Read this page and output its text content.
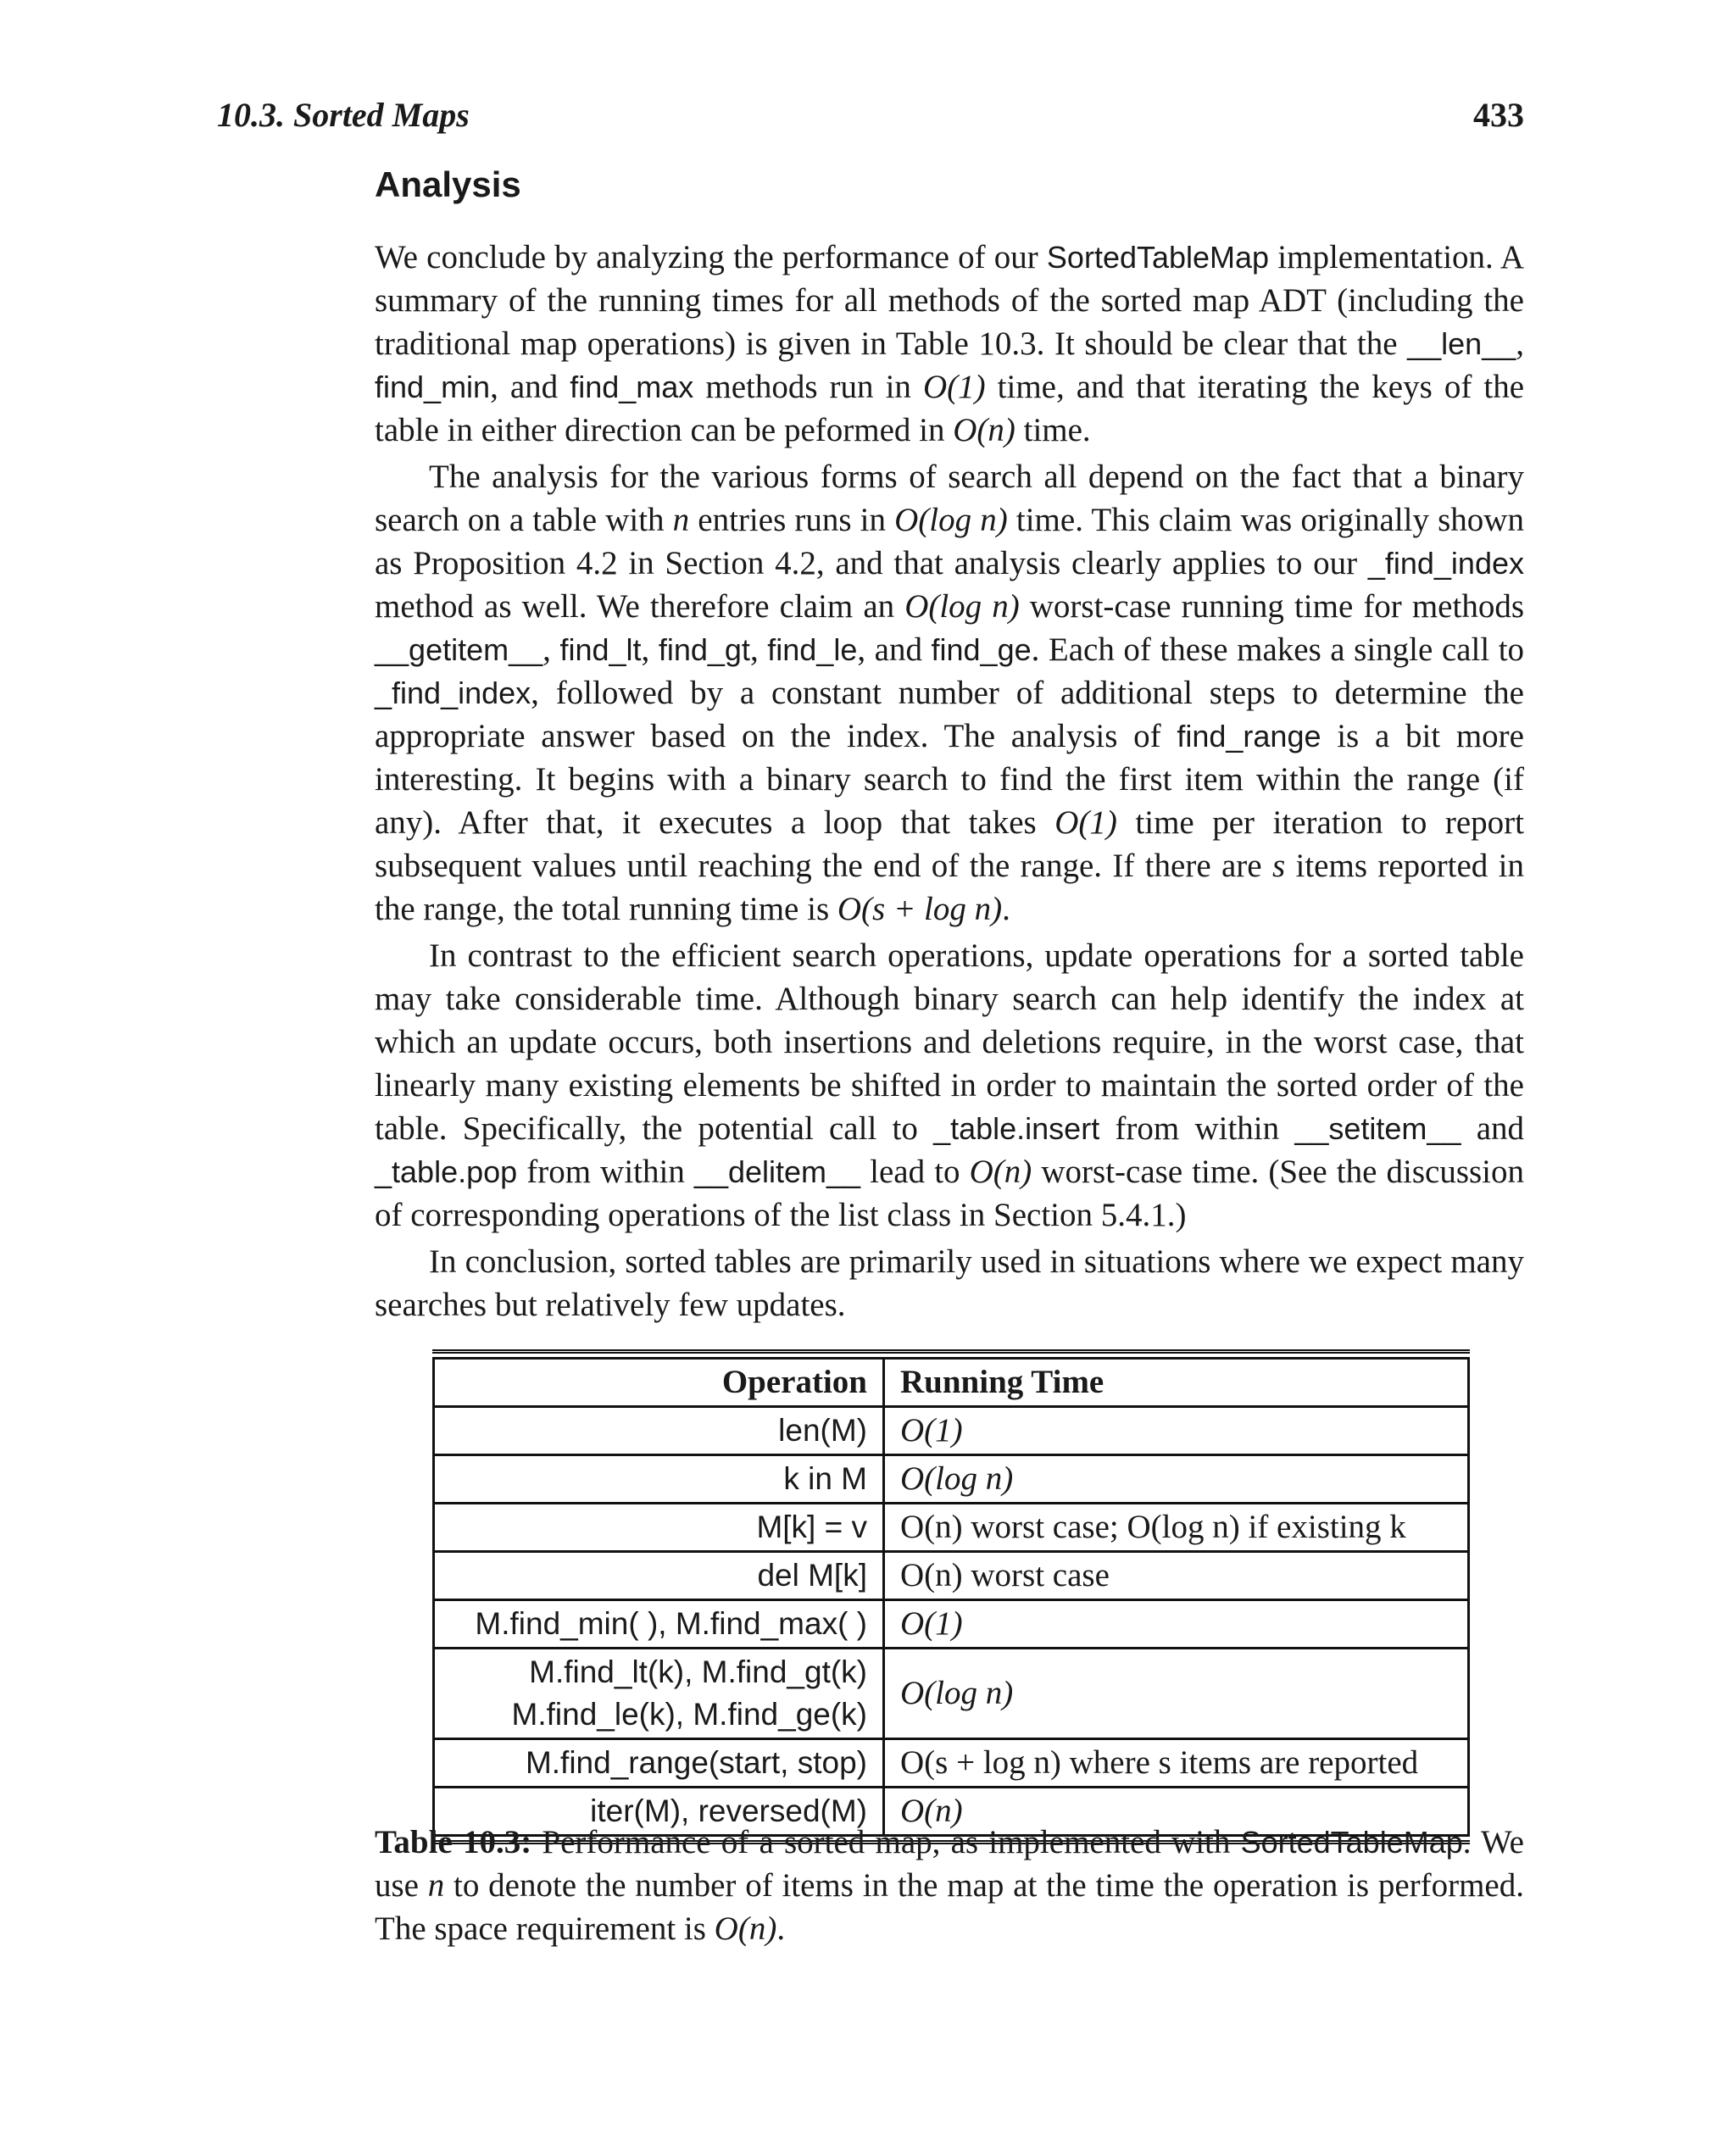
10.3. Sorted Maps	433
Analysis

We conclude by analyzing the performance of our SortedTableMap implementation. A summary of the running times for all methods of the sorted map ADT (including the traditional map operations) is given in Table 10.3. It should be clear that the __len__, find_min, and find_max methods run in O(1) time, and that iterating the keys of the table in either direction can be peformed in O(n) time.

The analysis for the various forms of search all depend on the fact that a binary search on a table with n entries runs in O(log n) time. This claim was originally shown as Proposition 4.2 in Section 4.2, and that analysis clearly applies to our _find_index method as well. We therefore claim an O(log n) worst-case running time for methods __getitem__, find_lt, find_gt, find_le, and find_ge. Each of these makes a single call to _find_index, followed by a constant number of additional steps to determine the appropriate answer based on the index. The analysis of find_range is a bit more interesting. It begins with a binary search to find the first item within the range (if any). After that, it executes a loop that takes O(1) time per iteration to report subsequent values until reaching the end of the range. If there are s items reported in the range, the total running time is O(s + log n).

In contrast to the efficient search operations, update operations for a sorted table may take considerable time. Although binary search can help identify the index at which an update occurs, both insertions and deletions require, in the worst case, that linearly many existing elements be shifted in order to maintain the sorted order of the table. Specifically, the potential call to _table.insert from within __setitem__ and _table.pop from within __delitem__ lead to O(n) worst-case time. (See the discussion of corresponding operations of the list class in Section 5.4.1.)

In conclusion, sorted tables are primarily used in situations where we expect many searches but relatively few updates.

Operation	Running Time

len(M)	O(1)

k in M	O(log n)

M[k] = v	O(n) worst case; O(log n) if existing k

del M[k]	O(n) worst case

M.find_min( ), M.find_max( )	O(1)

M.find_lt(k), M.find_gt(k)
M.find_le(k), M.find_ge(k)	O(log n)

M.find_range(start, stop)	O(s + log n) where s items are reported

iter(M), reversed(M)	O(n)
Table 10.3: Performance of a sorted map, as implemented with SortedTableMap. We use n to denote the number of items in the map at the time the operation is performed. The space requirement is O(n).
